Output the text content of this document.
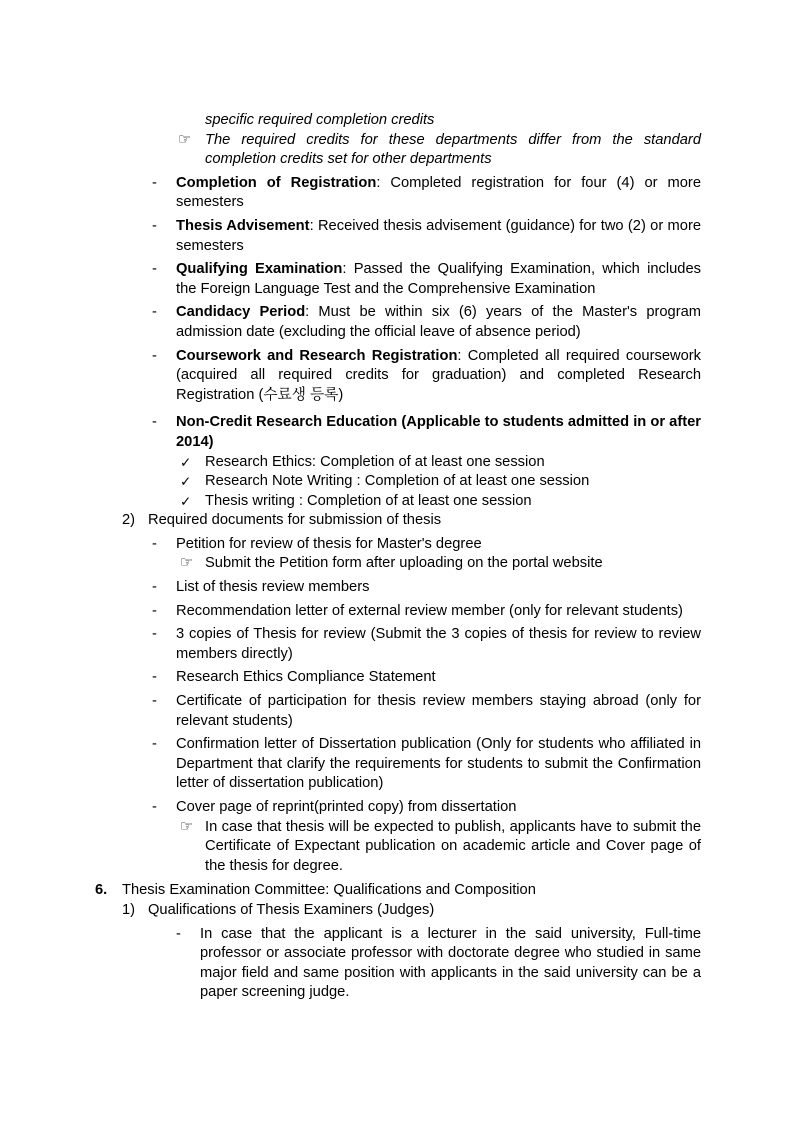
specific required completion credits
☞ The required credits for these departments differ from the standard completion credits set for other departments
- Completion of Registration: Completed registration for four (4) or more semesters
- Thesis Advisement: Received thesis advisement (guidance) for two (2) or more semesters
- Qualifying Examination: Passed the Qualifying Examination, which includes the Foreign Language Test and the Comprehensive Examination
- Candidacy Period: Must be within six (6) years of the Master's program admission date (excluding the official leave of absence period)
- Coursework and Research Registration: Completed all required coursework (acquired all required credits for graduation) and completed Research Registration (수료생 등록)
- Non-Credit Research Education (Applicable to students admitted in or after 2014)
✓ Research Ethics: Completion of at least one session
✓ Research Note Writing : Completion of at least one session
✓ Thesis writing : Completion of at least one session
2) Required documents for submission of thesis
- Petition for review of thesis for Master's degree
☞ Submit the Petition form after uploading on the portal website
- List of thesis review members
- Recommendation letter of external review member (only for relevant students)
- 3 copies of Thesis for review (Submit the 3 copies of thesis for review to review members directly)
- Research Ethics Compliance Statement
- Certificate of participation for thesis review members staying abroad (only for relevant students)
- Confirmation letter of Dissertation publication (Only for students who affiliated in Department that clarify the requirements for students to submit the Confirmation letter of dissertation publication)
- Cover page of reprint(printed copy) from dissertation
☞ In case that thesis will be expected to publish, applicants have to submit the Certificate of Expectant publication on academic article and Cover page of the thesis for degree.
6. Thesis Examination Committee: Qualifications and Composition
1) Qualifications of Thesis Examiners (Judges)
- In case that the applicant is a lecturer in the said university, Full-time professor or associate professor with doctorate degree who studied in same major field and same position with applicants in the said university can be a paper screening judge.
